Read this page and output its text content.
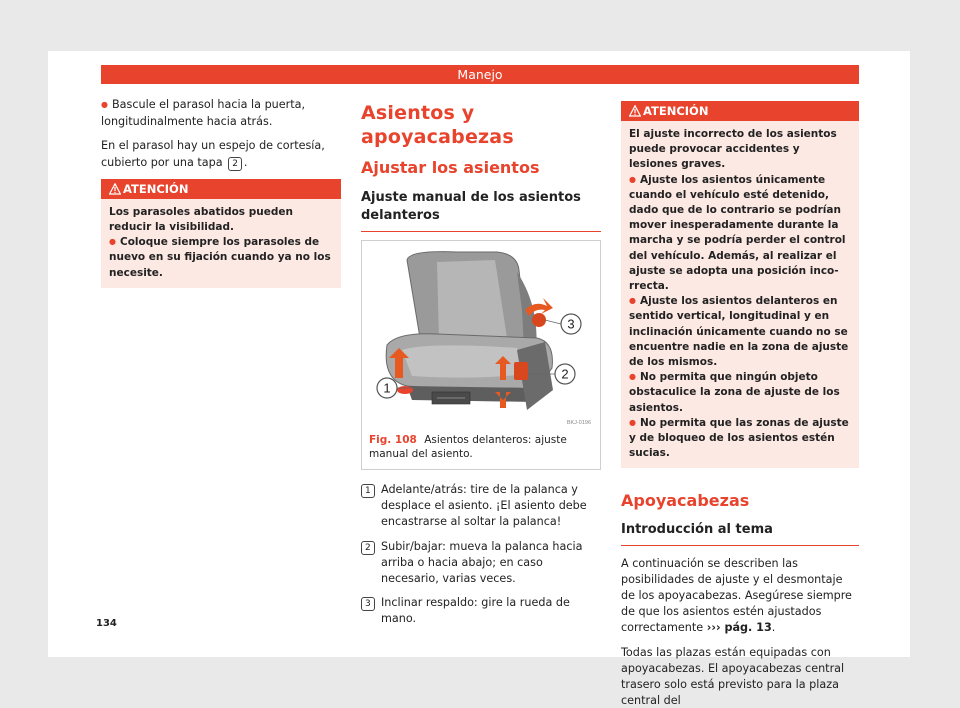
Manejo

● Bascule el parasol hacia la puerta, longitudinalmente hacia atrás.

En el parasol hay un espejo de cortesía, cubierto por una tapa 2 .

ATENCIÓN

Los parasoles abatidos pueden reducir la visibilidad.

● Coloque siempre los parasoles de nuevo en su fijación cuando ya no los necesite.

Asientos y apoyacabezas
Ajustar los asientos
Ajuste manual de los asientos delanteros
1
2
3
BKJ-0196
Fig. 108 Asientos delanteros: ajuste manual del asiento.
1 Adelante/atrás: tire de la palanca y desplace el asiento. ¡El asiento debe encastrarse al soltar la palanca!
2 Subir/bajar: mueva la palanca hacia arriba o hacia abajo; en caso necesario, varias veces.
3 Inclinar respaldo: gire la rueda de mano.
ATENCIÓN

El ajuste incorrecto de los asientos puede provocar accidentes y lesiones graves.

● Ajuste los asientos únicamente cuando el vehículo esté detenido, dado que de lo contrario se podrían mover inesperadamente durante la marcha y se podría perder el control del vehículo. Además, al realizar el ajuste se adopta una posición incorrecta.

● Ajuste los asientos delanteros en sentido vertical, longitudinal y en inclinación únicamente cuando no se encuentre nadie en la zona de ajuste de los mismos.

● No permita que ningún objeto obstaculice la zona de ajuste de los asientos.

● No permita que las zonas de ajuste y de bloqueo de los asientos estén sucias.

Apoyacabezas
Introducción al tema

A continuación se describen las posibilidades de ajuste y el desmontaje de los apoyacabezas. Asegúrese siempre de que los asientos estén ajustados correctamente ››› pág. 13.

Todas las plazas están equipadas con apoyacabezas. El apoyacabezas central trasero solo está previsto para la plaza central del

134
